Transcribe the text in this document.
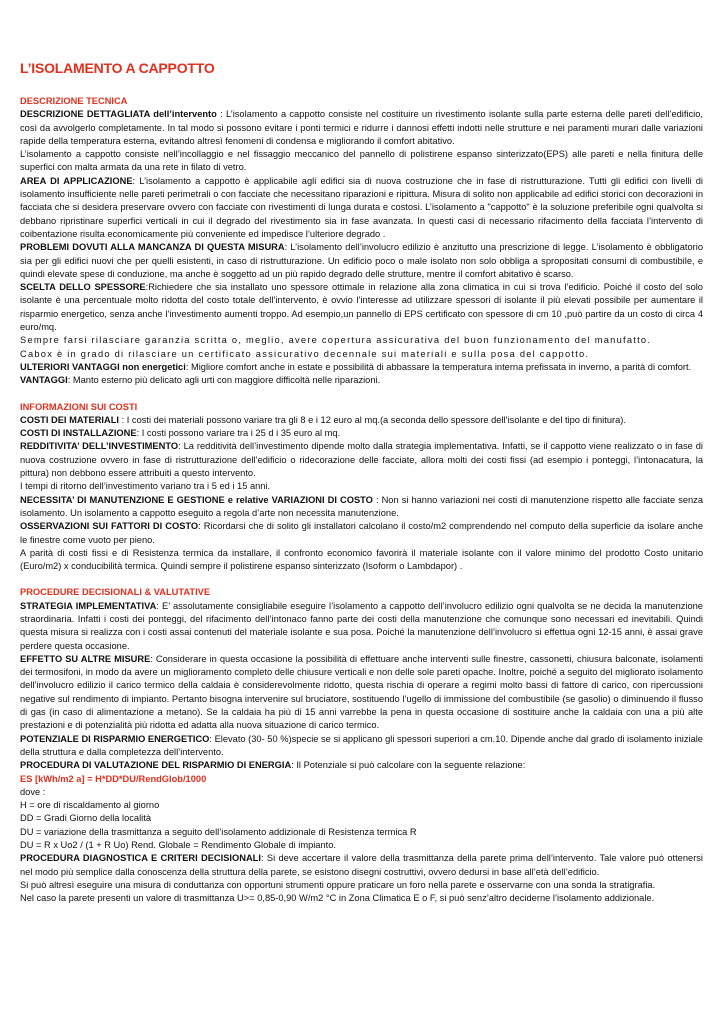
L’ISOLAMENTO A CAPPOTTO
DESCRIZIONE TECNICA

DESCRIZIONE DETTAGLIATA dell’intervento : L’isolamento a cappotto consiste nel costituire un rivestimento isolante sulla parte esterna delle pareti dell’edificio, così da avvolgerlo completamente. In tal modo si possono evitare i ponti termici e ridurre i dannosi effetti indotti nelle strutture e nei paramenti murari dalle variazioni rapide della temperatura esterna, evitando altresì fenomeni di condensa e migliorando il comfort abitativo.

L’isolamento a cappotto consiste nell’incollaggio e nel fissaggio meccanico del pannello di polistirene espanso sinterizzato(EPS) alle pareti e nella finitura delle superfici con malta armata da una rete in filato di vetro.

AREA DI APPLICAZIONE: L’isolamento a cappotto è applicabile agli edifici sia di nuova costruzione che in fase di ristrutturazione. Tutti gli edifici con livelli di isolamento insufficiente nelle pareti perimetrali o con facciate che necessitano riparazioni e ripittura. Misura di solito non applicabile ad edifici storici con decorazioni in facciata che si desidera preservare ovvero con facciate con rivestimenti di lunga durata e costosi. L’isolamento a "cappotto" è la soluzione preferibile ogni qualvolta si debbano ripristinare superfici verticali in cui il degrado del rivestimento sia in fase avanzata. In questi casi di necessario rifacimento della facciata l’intervento di coibentazione risulta economicamente più conveniente ed impedisce l’ulteriore degrado .

PROBLEMI DOVUTI ALLA MANCANZA DI QUESTA MISURA: L’isolamento dell’involucro edilizio è anzitutto una prescrizione di legge. L’isolamento è obbligatorio sia per gli edifici nuovi che per quelli esistenti, in caso di ristrutturazione. Un edificio poco o male isolato non solo obbliga a spropositati consumi di combustibile, e quindi elevate spese di conduzione, ma anche è soggetto ad un più rapido degrado delle strutture, mentre il comfort abitativo è scarso.

SCELTA DELLO SPESSORE:Richiedere che sia installato uno spessore ottimale in relazione alla zona climatica in cui si trova l’edificio. Poiché il costo del solo isolante è una percentuale molto ridotta del costo totale dell’intervento, è ovvio l’interesse ad utilizzare spessori di isolante il più elevati possibile per aumentare il risparmio energetico, senza anche l’investimento aumenti troppo. Ad esempio,un pannello di EPS certificato con spessore di cm 10 ,può partire da un costo di circa 4 euro/mq.

Sempre farsi rilasciare garanzia scritta o, meglio, avere copertura assicurativa del buon funzionamento del manufatto.

Cabox è in grado di rilasciare un certificato assicurativo decennale sui materiali e sulla posa del cappotto.

ULTERIORI VANTAGGI non energetici: Migliore comfort anche in estate e possibilità di abbassare la temperatura interna prefissata in inverno, a parità di comfort.

VANTAGGI: Manto esterno più delicato agli urti con maggiore difficoltà nelle riparazioni.

INFORMAZIONI SUI COSTI

COSTI DEI MATERIALI : I costi dei materiali possono variare tra gli 8 e i 12 euro al mq.(a seconda dello spessore dell’isolante e del tipo di finitura).

COSTI DI INSTALLAZIONE: I costi possono variare tra i 25 d i 35 euro al mq.

REDDITIVITA’ DELL’INVESTIMENTO: La redditività dell’investimento dipende molto dalla strategia implementativa. Infatti, se il cappotto viene realizzato o in fase di nuova costruzione ovvero in fase di ristrutturazione dell’edificio o ridecorazione delle facciate, allora molti dei costi fissi (ad esempio i ponteggi, l’intonacatura, la pittura) non debbono essere attribuiti a questo intervento.

I tempi di ritorno dell’investimento variano tra i 5 ed i 15 anni.

NECESSITA’ DI MANUTENZIONE E GESTIONE e relative VARIAZIONI DI COSTO : Non si hanno variazioni nei costi di manutenzione rispetto alle facciate senza isolamento. Un isolamento a cappotto eseguito a regola d’arte non necessita manutenzione.

OSSERVAZIONI SUI FATTORI DI COSTO: Ricordarsi che di solito gli installatori calcolano il costo/m2 comprendendo nel computo della superficie da isolare anche le finestre come vuoto per pieno.

A parità di costi fissi e di Resistenza termica da installare, il confronto economico favorirà il materiale isolante con il valore minimo del prodotto Costo unitario (Euro/m2) x conducibilità termica. Quindi sempre il polistirene espanso sinterizzato (Isoform o Lambdapor) .

PROCEDURE DECISIONALI & VALUTATIVE

STRATEGIA IMPLEMENTATIVA: E’ assolutamente consigliabile eseguire l’isolamento a cappotto dell’involucro edilizio ogni qualvolta se ne decida la manutenzione straordinaria. Infatti i costi dei ponteggi, del rifacimento dell’intonaco fanno parte dei costi della manutenzione che comunque sono necessari ed inevitabili. Quindi questa misura si realizza con i costi assai contenuti del materiale isolante e sua posa. Poiché la manutenzione dell’involucro si effettua ogni 12-15 anni, è assai grave perdere questa occasione.

EFFETTO SU ALTRE MISURE: Considerare in questa occasione la possibilità di effettuare anche interventi sulle finestre, cassonetti, chiusura balconate, isolamenti dei termosifoni, in modo da avere un miglioramento completo delle chiusure verticali e non delle sole pareti opache. Inoltre, poiché a seguito del migliorato isolamento dell’involucro edilizio il carico termico della caldaia è considerevolmente ridotto, questa rischia di operare a regimi molto bassi di fattore di carico, con ripercussioni negative sul rendimento di impianto. Pertanto bisogna intervenire sul bruciatore, sostituendo l’ugello di immissione del combustibile (se gasolio) o diminuendo il flusso di gas (in caso di alimentazione a metano). Se la caldaia ha più di 15 anni varrebbe la pena in questa occasione di sostituire anche la caldaia con una a più alte prestazioni e di potenzialità più ridotta ed adatta alla nuova situazione di carico termico.

POTENZIALE DI RISPARMIO ENERGETICO: Elevato (30- 50 %)specie se si applicano gli spessori superiori a cm.10. Dipende anche dal grado di isolamento iniziale della struttura e dalla completezza dell’intervento.

PROCEDURA DI VALUTAZIONE DEL RISPARMIO DI ENERGIA: Il Potenziale si può calcolare con la seguente relazione:

ES [kWh/m2 a] = H*DD*DU/RendGlob/1000

dove :

H = ore di riscaldamento al giorno

DD = Gradi Giorno della località

DU = variazione della trasmittanza a seguito dell’isolamento addizionale di Resistenza termica R

DU = R x Uo2 / (1 + R Uo) Rend. Globale = Rendimento Globale di impianto.

PROCEDURA DIAGNOSTICA E CRITERI DECISIONALI: Si deve accertare il valore della trasmittanza della parete prima dell’intervento. Tale valore può ottenersi nel modo più semplice dalla conoscenza della struttura della parete, se esistono disegni costruttivi, ovvero dedursi in base all’età dell’edificio.

Si può altresì eseguire una misura di conduttanza con opportuni strumenti oppure praticare un foro nella parete e osservarne con una sonda la stratigrafia.

Nel caso la parete presenti un valore di trasmittanza U>= 0,85-0,90 W/m2 °C in Zona Climatica E o F, si può senz’altro deciderne l’isolamento addizionale.
